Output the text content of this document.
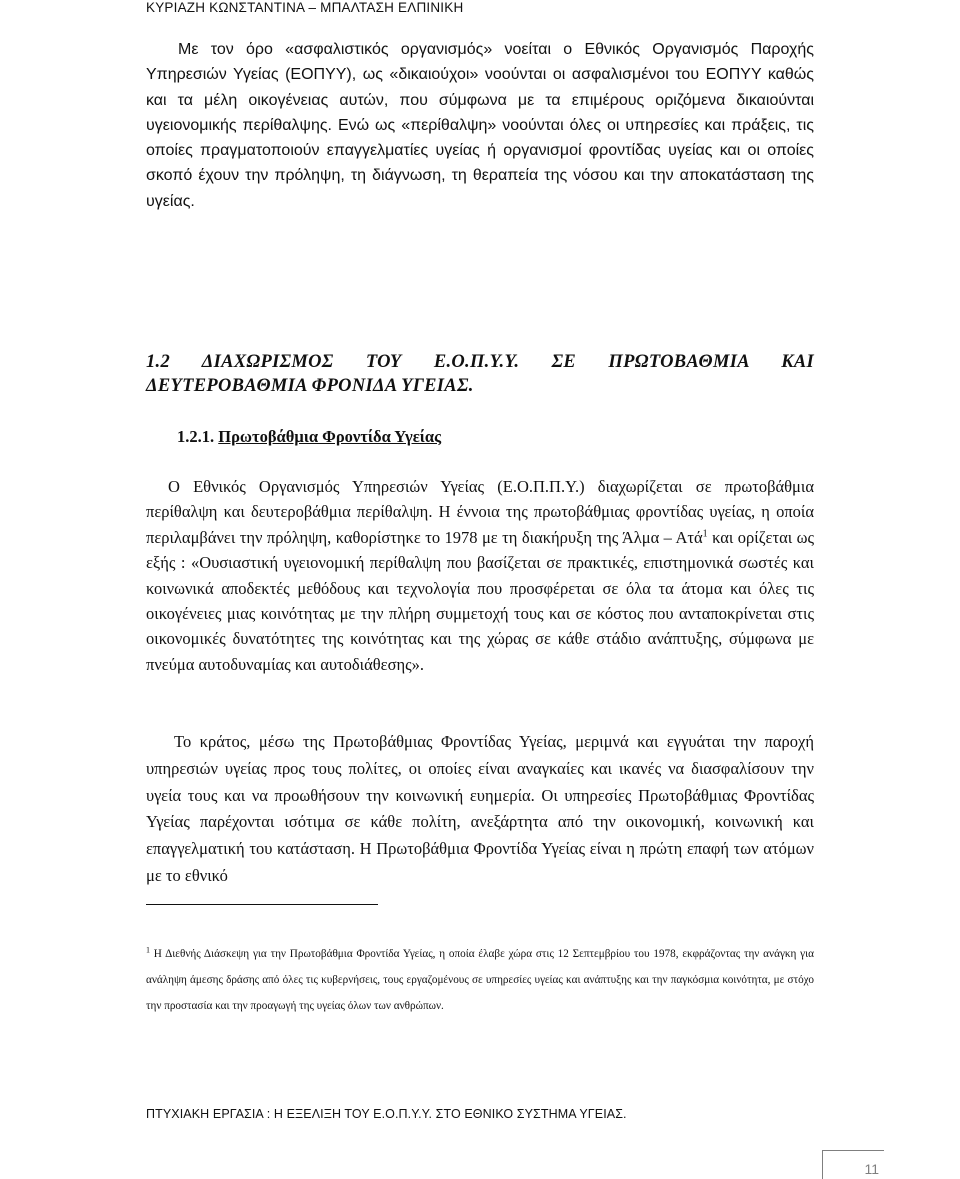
ΚΥΡΙΑΖΗ ΚΩΝΣΤΑΝΤΙΝΑ – ΜΠΑΛΤΑΣΗ ΕΛΠΙΝΙΚΗ

Με τον όρο «ασφαλιστικός οργανισμός» νοείται ο Εθνικός Οργανισμός Παροχής Υπηρεσιών Υγείας (ΕΟΠΥΥ), ως «δικαιούχοι» νοούνται οι ασφαλισμένοι του ΕΟΠΥΥ καθώς και τα μέλη οικογένειας αυτών, που σύμφωνα με τα επιμέρους οριζόμενα δικαιούνται υγειονομικής περίθαλψης. Ενώ ως «περίθαλψη» νοούνται όλες οι υπηρεσίες και πράξεις, τις οποίες πραγματοποιούν επαγγελματίες υγείας ή οργανισμοί φροντίδας υγείας και οι οποίες σκοπό έχουν την πρόληψη, τη διάγνωση, τη θεραπεία της νόσου και την αποκατάσταση της υγείας.

1.2 ΔΙΑΧΩΡΙΣΜΟΣ ΤΟΥ Ε.Ο.Π.Υ.Υ. ΣΕ ΠΡΩΤΟΒΑΘΜΙΑ ΚΑΙ
ΔΕΥΤΕΡΟΒΑΘΜΙΑ ΦΡΟΝΙΔΑ ΥΓΕΙΑΣ.
1.2.1. Πρωτοβάθμια Φροντίδα Υγείας

Ο Εθνικός Οργανισμός Υπηρεσιών Υγείας (Ε.Ο.Π.Π.Υ.) διαχωρίζεται σε πρωτοβάθμια περίθαλψη και δευτεροβάθμια περίθαλψη. Η έννοια της πρωτοβάθμιας φροντίδας υγείας, η οποία περιλαμβάνει την πρόληψη, καθορίστηκε το 1978 με τη διακήρυξη της Άλμα – Ατά$^1$ και ορίζεται ως εξής : «Ουσιαστική υγειονομική περίθαλψη που βασίζεται σε πρακτικές, επιστημονικά σωστές και κοινωνικά αποδεκτές μεθόδους και τεχνολογία που προσφέρεται σε όλα τα άτομα και όλες τις οικογένειες μιας κοινότητας με την πλήρη συμμετοχή τους και σε κόστος που ανταποκρίνεται στις οικονομικές δυνατότητες της κοινότητας και της χώρας σε κάθε στάδιο ανάπτυξης, σύμφωνα με πνεύμα αυτοδυναμίας και αυτοδιάθεσης».

Το κράτος, μέσω της Πρωτοβάθμιας Φροντίδας Υγείας, μεριμνά και εγγυάται την παροχή υπηρεσιών υγείας προς τους πολίτες, οι οποίες είναι αναγκαίες και ικανές να διασφαλίσουν την υγεία τους και να προωθήσουν την κοινωνική ευημερία. Οι υπηρεσίες Πρωτοβάθμιας Φροντίδας Υγείας παρέχονται ισότιμα σε κάθε πολίτη, ανεξάρτητα από την οικονομική, κοινωνική και επαγγελματική του κατάσταση. Η Πρωτοβάθμια Φροντίδα Υγείας είναι η πρώτη επαφή των ατόμων με το εθνικό

$^1$ Η Διεθνής Διάσκεψη για την Πρωτοβάθμια Φροντίδα Υγείας, η οποία έλαβε χώρα στις 12 Σεπτεμβρίου του 1978, εκφράζοντας την ανάγκη για ανάληψη άμεσης δράσης από όλες τις κυβερνήσεις, τους εργαζομένους σε υπηρεσίες υγείας και ανάπτυξης και την παγκόσμια κοινότητα, με στόχο την προστασία και την προαγωγή της υγείας όλων των ανθρώπων.

ΠΤΥΧΙΑΚΗ ΕΡΓΑΣΙΑ : Η ΕΞΕΛΙΞΗ ΤΟΥ Ε.Ο.Π.Υ.Υ. ΣΤΟ ΕΘΝΙΚΟ ΣΥΣΤΗΜΑ ΥΓΕΙΑΣ.
11
